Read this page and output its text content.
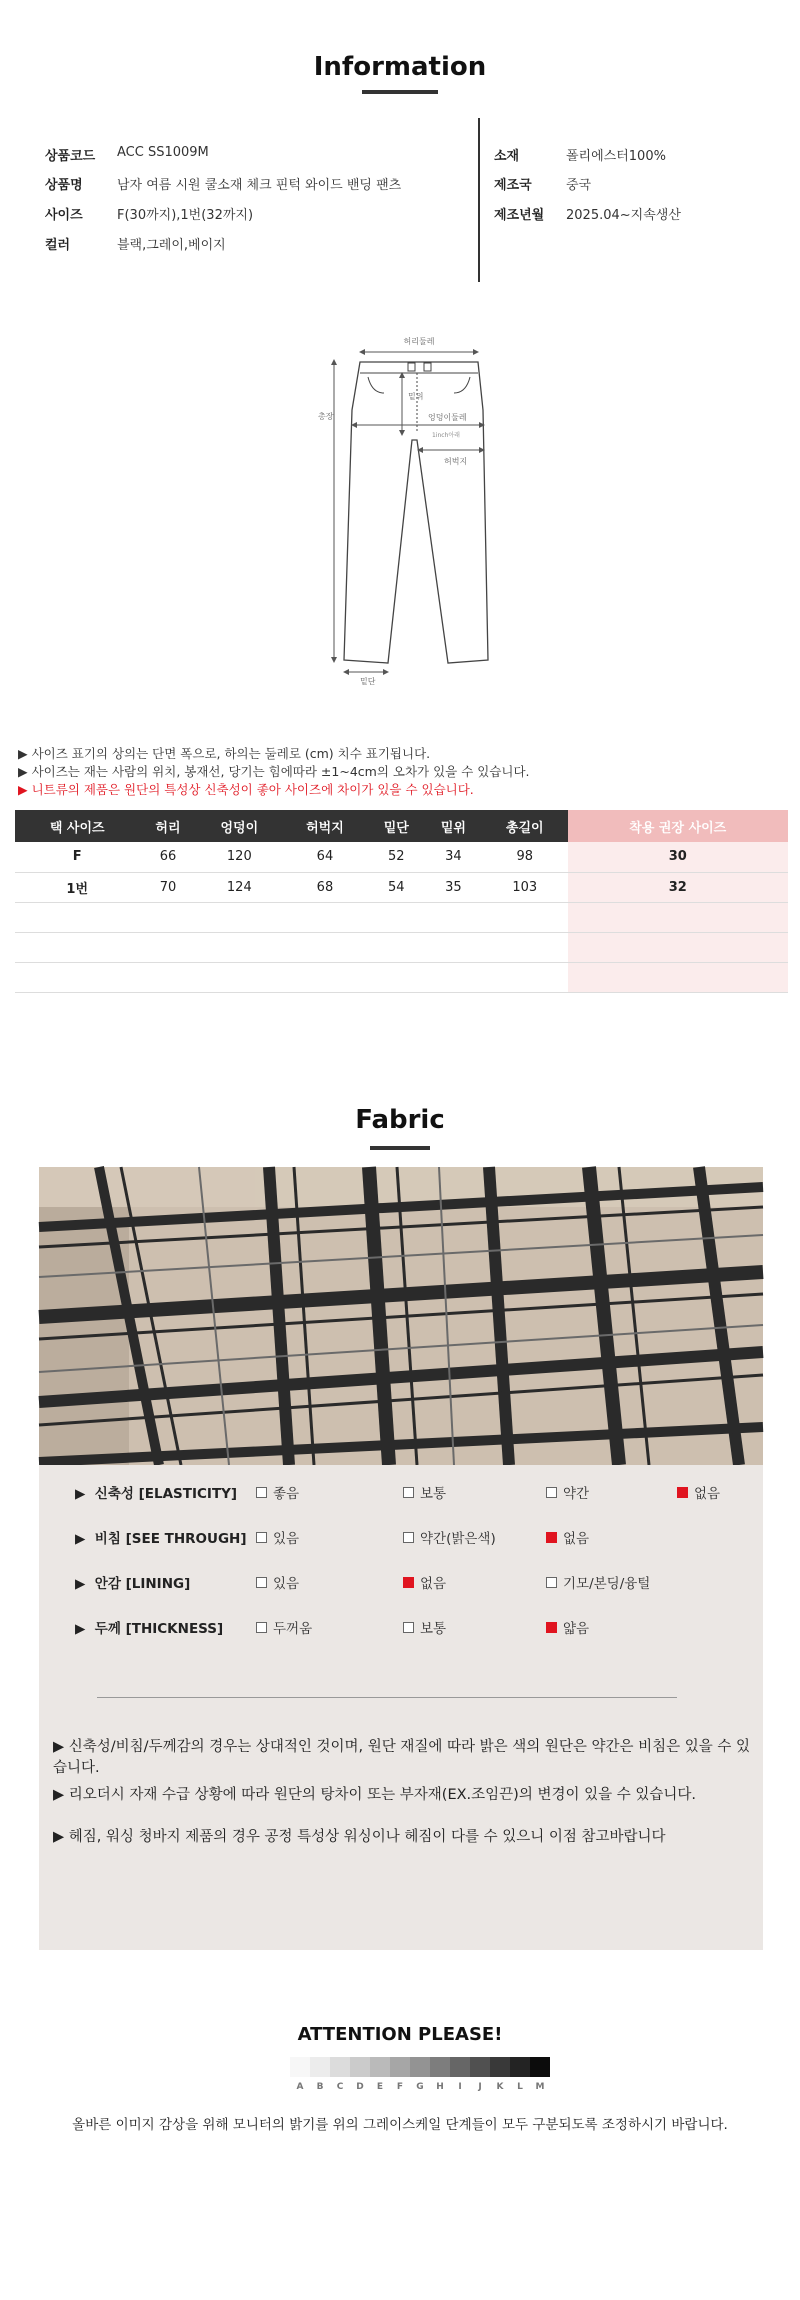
Information
상품코드	ACC SS1009M
상품명	남자 여름 시원 쿨소재 체크 핀턱 와이드 밴딩 팬츠
사이즈	F(30까지),1번(32까지)
컬러	블랙,그레이,베이지
소재	폴리에스터100%
제조국	중국
제조년월	2025.04~지속생산
허리둘레
밑위
총장	엉덩이둘레
1inch아래
허벅지
밑단
▶ 사이즈 표기의 상의는 단면 폭으로, 하의는 둘레로 (cm) 치수 표기됩니다.
▶ 사이즈는 재는 사람의 위치, 봉재선, 당기는 힘에따라 ±1~4cm의 오차가 있을 수 있습니다.
▶ 니트류의 제품은 원단의 특성상 신축성이 좋아 사이즈에 차이가 있을 수 있습니다.
택 사이즈	허리	엉덩이	허벅지	밑단	밑위	총길이	착용 권장 사이즈
F	66	120	64	52	34	98	30
1번	70	124	68	54	35	103	32

Fabric
▶  신축성 [ELASTICITY]	좋음	보통	약간	없음
▶  비침 [SEE THROUGH] 있음	약간(밝은색)	없음
▶  안감 [LINING]	있음	없음	기모/본딩/융털
▶  두께 [THICKNESS]	두꺼움	보통	얇음
▶ 신축성/비침/두께감의 경우는 상대적인 것이며, 원단 재질에 따라 밝은 색의 원단은 약간은 비침은 있을 수 있습니다.
▶ 리오더시 자재 수급 상황에 따라 원단의 탕차이 또는 부자재(EX.조임끈)의 변경이 있을 수 있습니다.
▶ 헤짐, 워싱 청바지 제품의 경우 공정 특성상 워싱이나 헤짐이 다를 수 있으니 이점 참고바랍니다
ATTENTION PLEASE!
A	B	C	D	E	F	G	H	I	J	K	L	M
올바른 이미지 감상을 위해 모니터의 밝기를 위의 그레이스케일 단계들이 모두 구분되도록 조정하시기 바랍니다.
